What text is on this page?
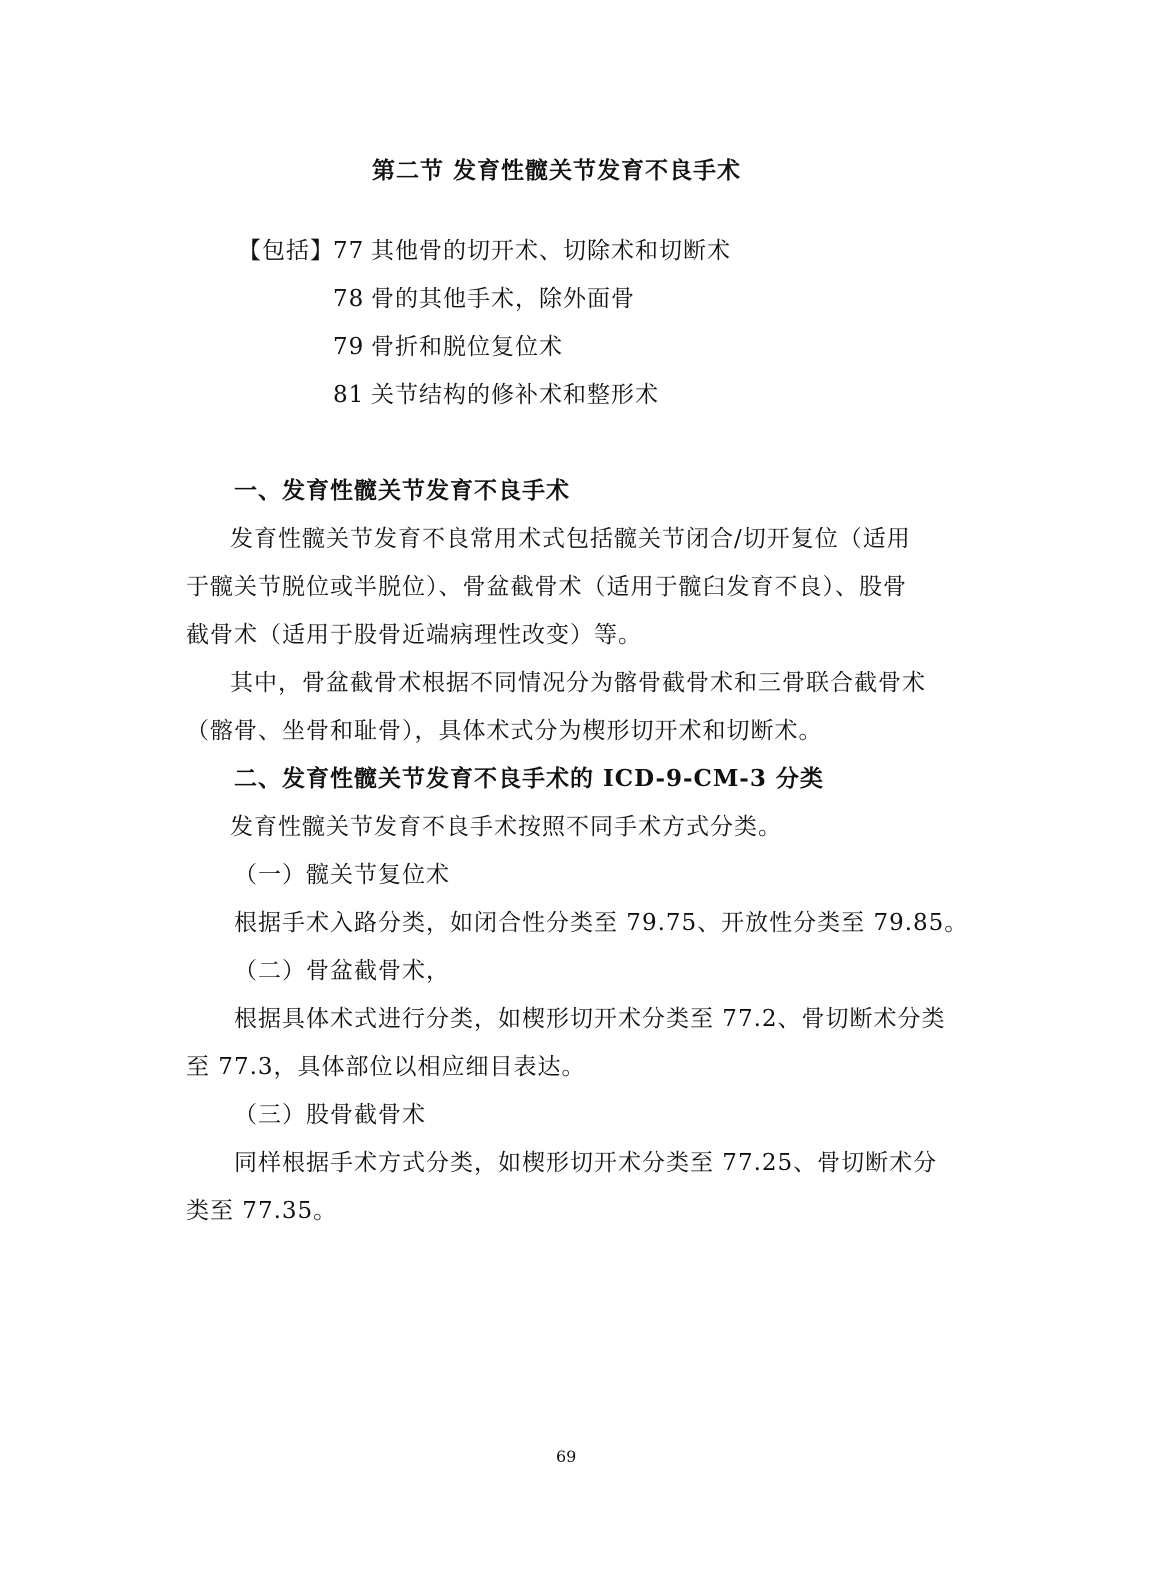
第二节 发育性髋关节发育不良手术
【包括】 77 其他骨的切开术、切除术和切断术
78 骨的其他手术，除外面骨
79 骨折和脱位复位术
81 关节结构的修补术和整形术
一、发育性髋关节发育不良手术
发育性髋关节发育不良常用术式包括髋关节闭合/切开复位（适用
于髋关节脱位或半脱位）、骨盆截骨术（适用于髋臼发育不良）、股骨
截骨术（适用于股骨近端病理性改变）等。
其中，骨盆截骨术根据不同情况分为髂骨截骨术和三骨联合截骨术
（髂骨、坐骨和耻骨），具体术式分为楔形切开术和切断术。
二、发育性髋关节发育不良手术的 ICD-9-CM-3 分类
发育性髋关节发育不良手术按照不同手术方式分类。
（一）髋关节复位术
根据手术入路分类，如闭合性分类至 79.75、开放性分类至 79.85。
（二）骨盆截骨术，
根据具体术式进行分类，如楔形切开术分类至 77.2、骨切断术分类
至 77.3，具体部位以相应细目表达。
（三）股骨截骨术
同样根据手术方式分类，如楔形切开术分类至 77.25、骨切断术分
类至 77.35。
69
